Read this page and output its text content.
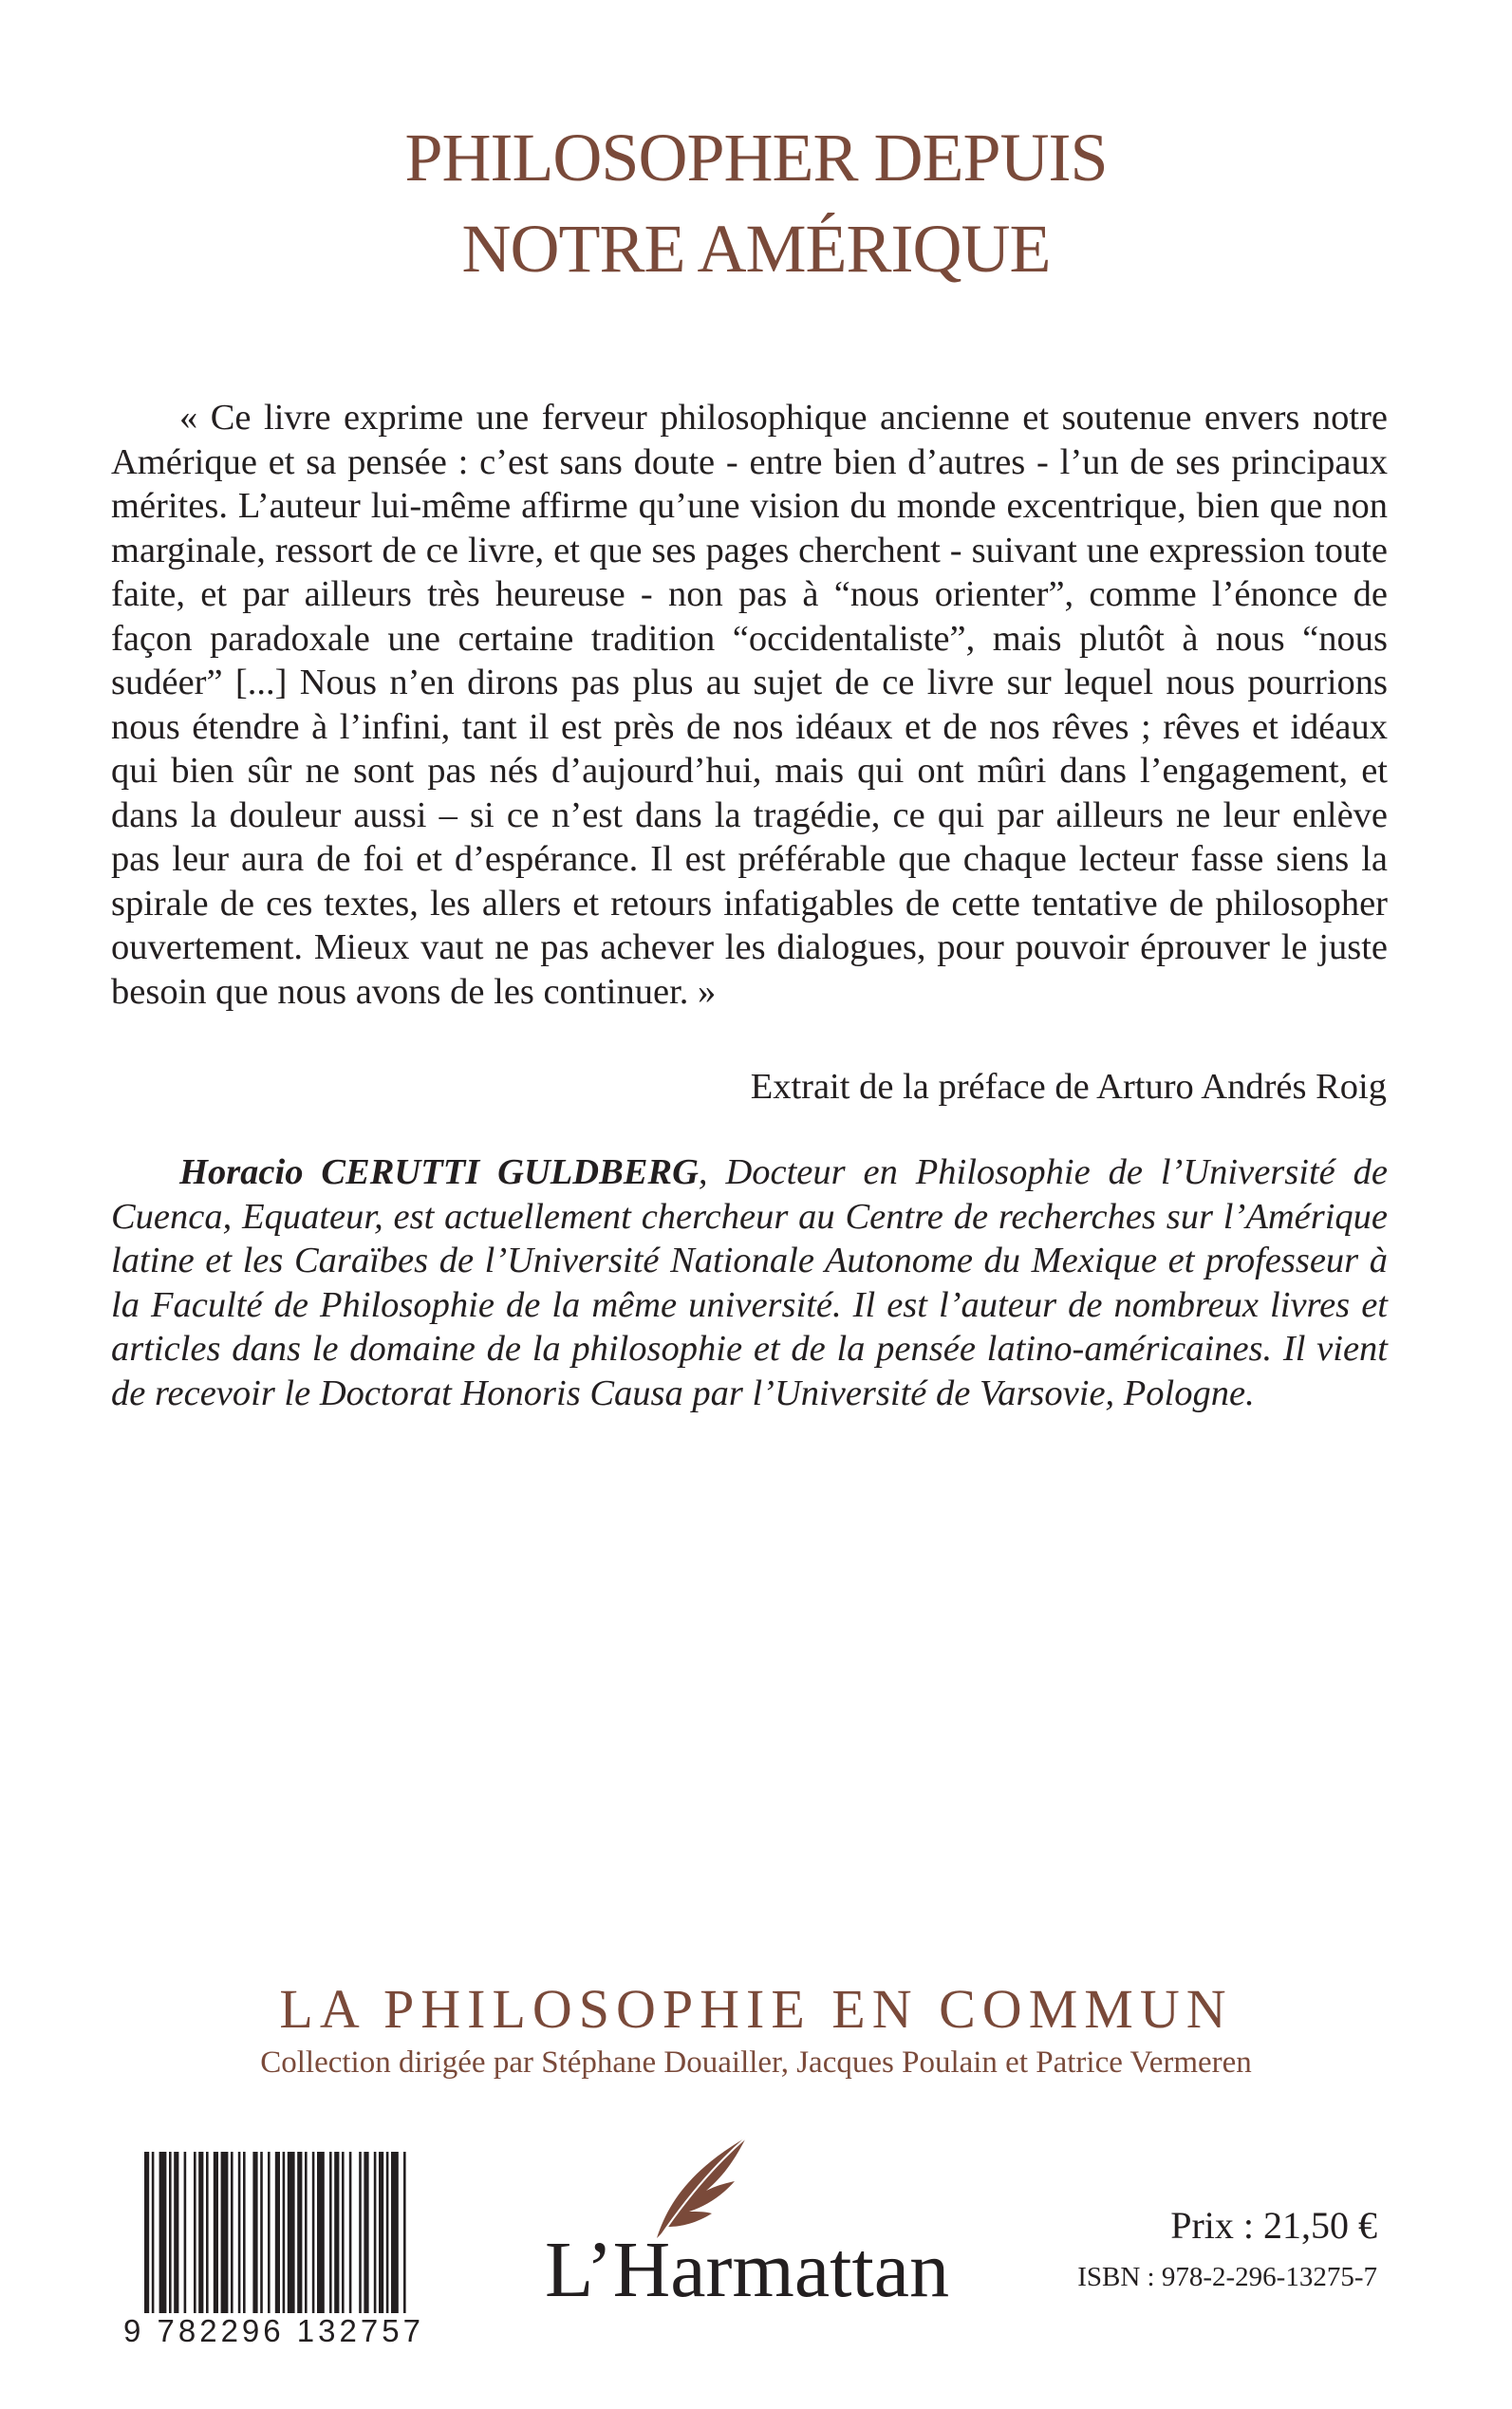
PHILOSOPHER DEPUIS
NOTRE AMÉRIQUE

« Ce livre exprime une ferveur philosophique ancienne et soutenue envers notre Amérique et sa pensée : c’est sans doute - entre bien d’autres - l’un de ses principaux mérites. L’auteur lui-même affirme qu’une vision du monde excentrique, bien que non marginale, ressort de ce livre, et que ses pages cherchent - suivant une expression toute faite, et par ailleurs très heureuse - non pas à “nous orienter”, comme l’énonce de façon paradoxale une certaine tradition “occidentaliste”, mais plutôt à nous “nous sudéer” [...] Nous n’en dirons pas plus au sujet de ce livre sur lequel nous pourrions nous étendre à l’infini, tant il est près de nos idéaux et de nos rêves ; rêves et idéaux qui bien sûr ne sont pas nés d’aujourd’hui, mais qui ont mûri dans l’engagement, et dans la douleur aussi – si ce n’est dans la tragédie, ce qui par ailleurs ne leur enlève pas leur aura de foi et d’espérance. Il est préférable que chaque lecteur fasse siens la spirale de ces textes, les allers et retours infatigables de cette tentative de philosopher ouvertement. Mieux vaut ne pas achever les dialogues, pour pouvoir éprouver le juste besoin que nous avons de les continuer. »

Extrait de la préface de Arturo Andrés Roig

Horacio CERUTTI GULDBERG, Docteur en Philosophie de l’Université de Cuenca, Equateur, est actuellement chercheur au Centre de recherches sur l’Amérique latine et les Caraïbes de l’Université Nationale Autonome du Mexique et professeur à la Faculté de Philosophie de la même université. Il est l’auteur de nombreux livres et articles dans le domaine de la philosophie et de la pensée latino-américaines. Il vient de recevoir le Doctorat Honoris Causa par l’Université de Varsovie, Pologne.

LA PHILOSOPHIE EN COMMUN
Collection dirigée par Stéphane Douailler, Jacques Poulain et Patrice Vermeren
9 782296 132757
L’Harmattan
Prix : 21,50 €
ISBN : 978-2-296-13275-7
